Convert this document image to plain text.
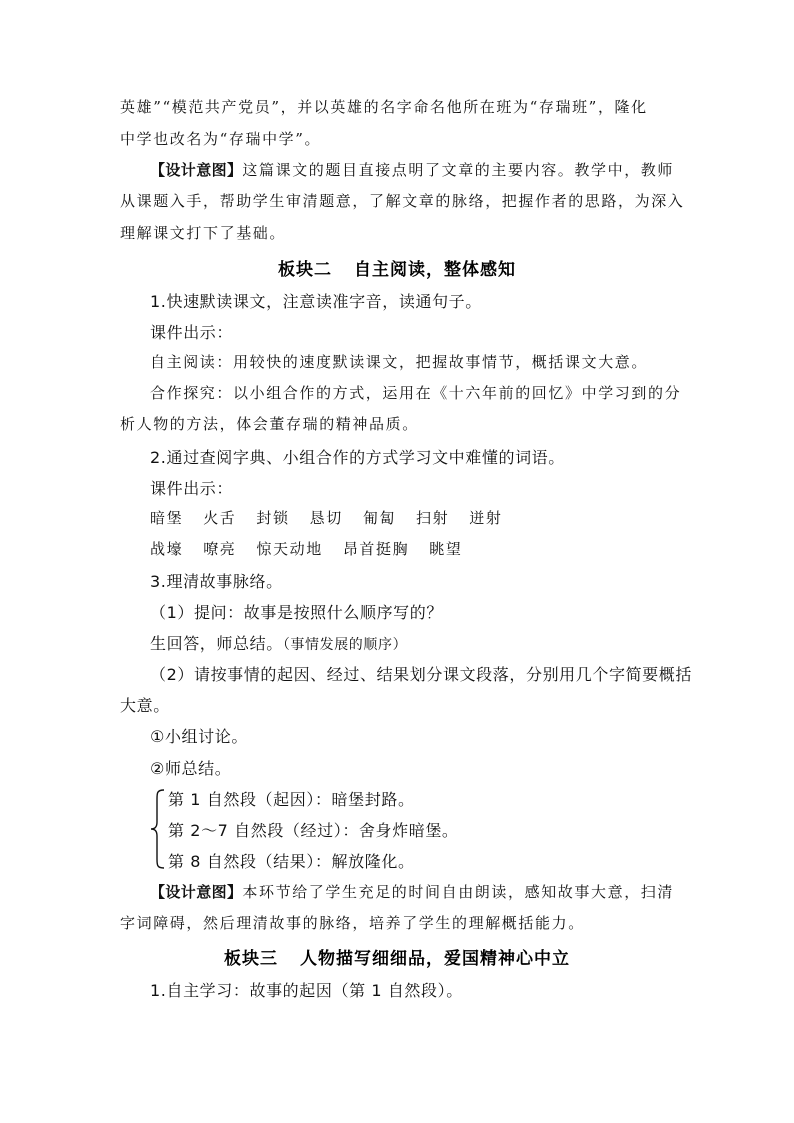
英雄”“模范共产党员”，并以英雄的名字命名他所在班为“存瑞班”，隆化
中学也改名为“存瑞中学”。
【设计意图】这篇课文的题目直接点明了文章的主要内容。教学中，教师
从课题入手，帮助学生审清题意，了解文章的脉络，把握作者的思路，为深入
理解课文打下了基础。
板块二 自主阅读，整体感知
1.快速默读课文，注意读准字音，读通句子。
课件出示：
自主阅读：用较快的速度默读课文，把握故事情节，概括课文大意。
合作探究：以小组合作的方式，运用在《十六年前的回忆》中学习到的分
析人物的方法，体会董存瑞的精神品质。
2.通过查阅字典、小组合作的方式学习文中难懂的词语。
课件出示：
暗堡 火舌 封锁 恳切 匍匐 扫射 迸射
战壕 嘹亮 惊天动地 昂首挺胸 眺望
3.理清故事脉络。
（1）提问：故事是按照什么顺序写的？
生回答，师总结。（事情发展的顺序）
（2）请按事情的起因、经过、结果划分课文段落，分别用几个字简要概括
大意。
①小组讨论。
②师总结。
第 1 自然段（起因）：暗堡封路。
第 2～7 自然段（经过）：舍身炸暗堡。
第 8 自然段（结果）：解放隆化。
【设计意图】本环节给了学生充足的时间自由朗读，感知故事大意，扫清
字词障碍，然后理清故事的脉络，培养了学生的理解概括能力。
板块三 人物描写细细品，爱国精神心中立
1.自主学习：故事的起因（第 1 自然段）。
